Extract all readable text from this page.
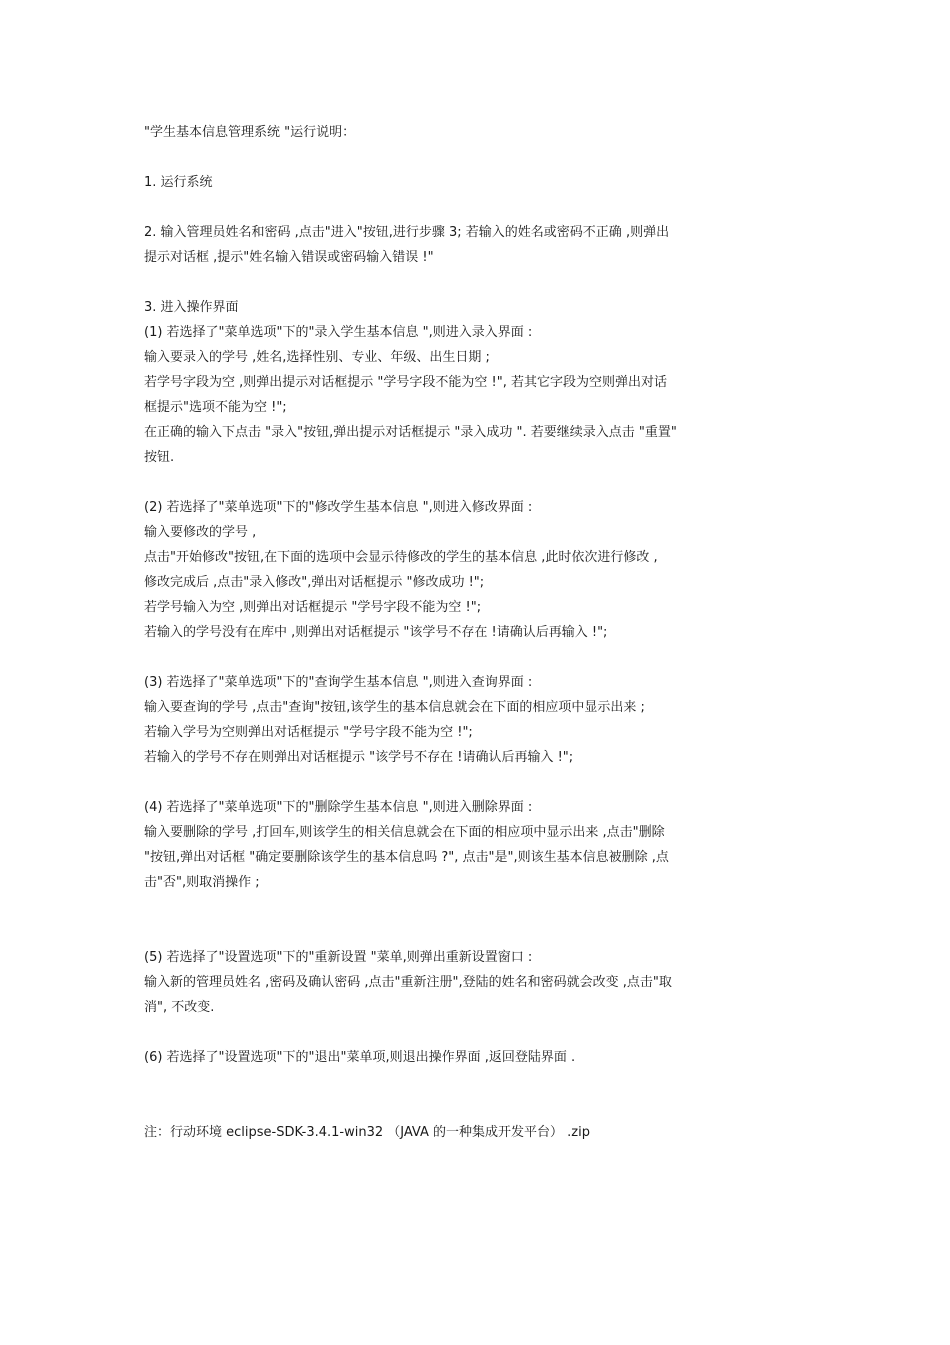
"学生基本信息管理系统 "运行说明：
1. 运行系统
2. 输入管理员姓名和密码 ,点击"进入"按钮,进行步骤 3; 若输入的姓名或密码不正确 ,则弹出
提示对话框 ,提示"姓名输入错误或密码输入错误 !"
3. 进入操作界面
(1) 若选择了"菜单选项"下的"录入学生基本信息 ",则进入录入界面 :
输入要录入的学号 ,姓名,选择性别、专业、年级、出生日期 ;
若学号字段为空 ,则弹出提示对话框提示 "学号字段不能为空 !", 若其它字段为空则弹出对话
框提示"选项不能为空 !";
在正确的输入下点击 "录入"按钮,弹出提示对话框提示 "录入成功 ". 若要继续录入点击 "重置"
按钮.
(2) 若选择了"菜单选项"下的"修改学生基本信息 ",则进入修改界面 :
输入要修改的学号 ,
点击"开始修改"按钮,在下面的选项中会显示待修改的学生的基本信息 ,此时依次进行修改 ,
修改完成后 ,点击"录入修改",弹出对话框提示 "修改成功 !";
若学号输入为空 ,则弹出对话框提示 "学号字段不能为空 !";
若输入的学号没有在库中 ,则弹出对话框提示 "该学号不存在 !请确认后再输入 !";
(3) 若选择了"菜单选项"下的"查询学生基本信息 ",则进入查询界面 :
输入要查询的学号 ,点击"查询"按钮,该学生的基本信息就会在下面的相应项中显示出来 ;
若输入学号为空则弹出对话框提示 "学号字段不能为空 !";
若输入的学号不存在则弹出对话框提示 "该学号不存在 !请确认后再输入 !";
(4) 若选择了"菜单选项"下的"删除学生基本信息 ",则进入删除界面 :
输入要删除的学号 ,打回车,则该学生的相关信息就会在下面的相应项中显示出来 ,点击"删除
"按钮,弹出对话框 "确定要删除该学生的基本信息吗 ?", 点击"是",则该生基本信息被删除 ,点
击"否",则取消操作 ;
(5) 若选择了"设置选项"下的"重新设置 "菜单,则弹出重新设置窗口 :
输入新的管理员姓名 ,密码及确认密码 ,点击"重新注册",登陆的姓名和密码就会改变 ,点击"取
消", 不改变.
(6) 若选择了"设置选项"下的"退出"菜单项,则退出操作界面 ,返回登陆界面 .
注：行动环境 eclipse-SDK-3.4.1-win32 （JAVA 的一种集成开发平台） .zip
